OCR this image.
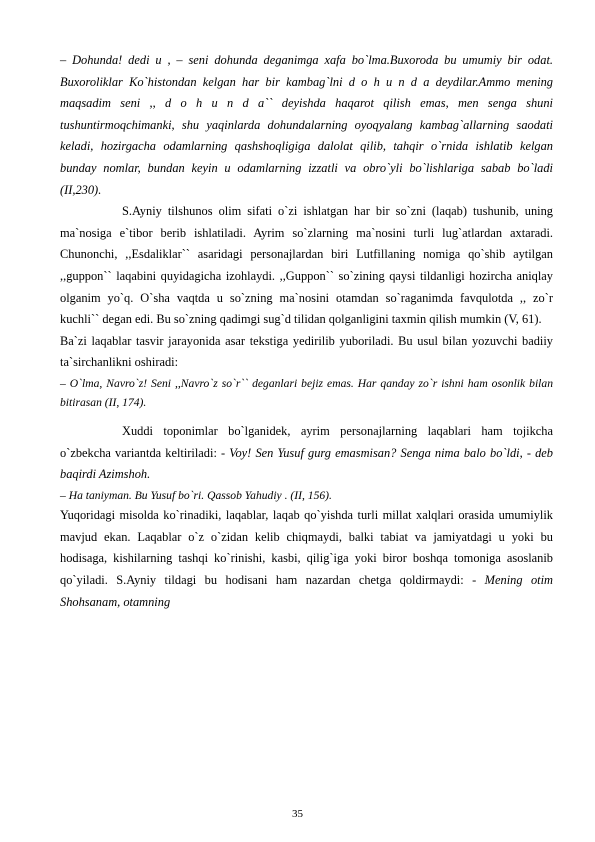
– Dohunda! dedi u , – seni dohunda deganimga xafa bo`lma.Buxoroda bu umumiy bir odat. Buxoroliklar Ko`histondan kelgan har bir kambag`lni d o h u n d a deydilar.Ammo mening maqsadim seni ,, d o h u n d a`` deyishda haqarot qilish emas, men senga shuni tushuntirmoqchimanki, shu yaqinlarda dohundalarning oyoqyalang kambag`allarning saodati keladi, hozirgacha odamlarning qashshoqligiga dalolat qilib, tahqir o`rnida ishlatib kelgan bunday nomlar, bundan keyin u odamlarning izzatli va obro`yli bo`lishlariga sabab bo`ladi (II,230).

S.Ayniy tilshunos olim sifati o`zi ishlatgan har bir so`zni (laqab) tushunib, uning ma`nosiga e`tibor berib ishlatiladi. Ayrim so`zlarning ma`nosini turli lug`atlardan axtaradi. Chunonchi, ,,Esdaliklar`` asaridagi personajlardan biri Lutfillaning nomiga qo`shib aytilgan ,,guppon`` laqabini quyidagicha izohlaydi. ,,Guppon`` so`zining qaysi tildanligi hozircha aniqlay olganim yo`q. O`sha vaqtda u so`zning ma`nosini otamdan so`raganimda favqulotda ,, zo`r kuchli`` degan edi. Bu so`zning qadimgi sug`d tilidan qolganligini taxmin qilish mumkin (V, 61).

Ba`zi laqablar tasvir jarayonida asar tekstiga yedirilib yuboriladi. Bu usul bilan yozuvchi badiiy ta`sirchanlikni oshiradi:

– O`lma, Navro`z! Seni ,,Navro`z so`r`` deganlari bejiz emas. Har qanday zo`r ishni ham osonlik bilan bitirasan (II, 174).

Xuddi toponimlar bo`lganidek, ayrim personajlarning laqablari ham tojikcha o`zbekcha variantda keltiriladi: - Voy! Sen Yusuf gurg emasmisan? Senga nima balo bo`ldi, - deb baqirdi Azimshoh.

– Ha taniyman. Bu Yusuf bo`ri. Qassob Yahudiy . (II, 156).

Yuqoridagi misolda ko`rinadiki, laqablar, laqab qo`yishda turli millat xalqlari orasida umumiylik mavjud ekan. Laqablar o`z o`zidan kelib chiqmaydi, balki tabiat va jamiyatdagi u yoki bu hodisaga, kishilarning tashqi ko`rinishi, kasbi, qilig`iga yoki biror boshqa tomoniga asoslanib qo`yiladi. S.Ayniy tildagi bu hodisani ham nazardan chetga qoldirmaydi: - Mening otim Shohsanam, otamning

35
